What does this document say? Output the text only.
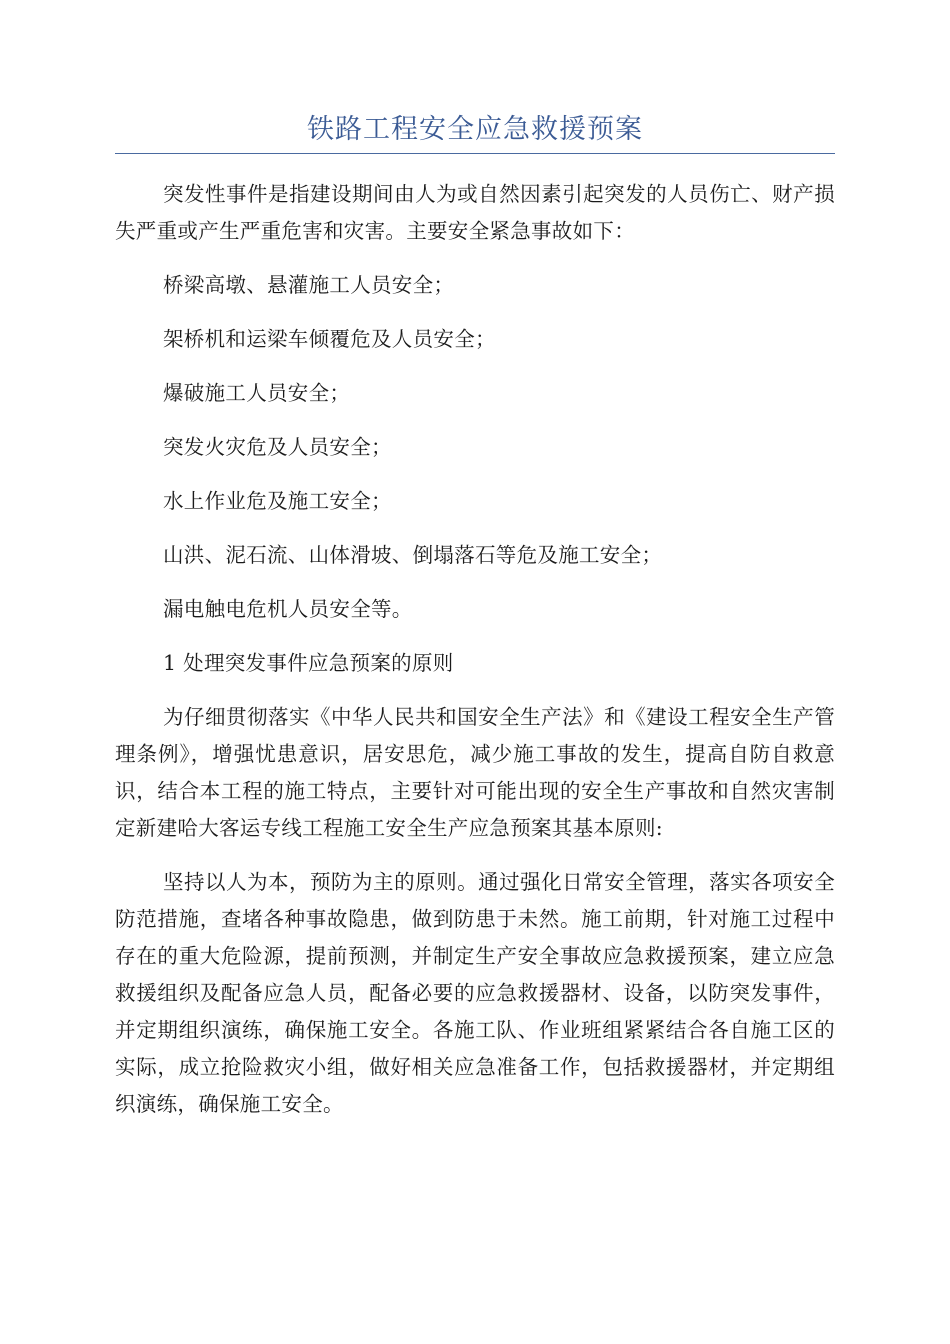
铁路工程安全应急救援预案

突发性事件是指建设期间由人为或自然因素引起突发的人员伤亡、财产损失严重或产生严重危害和灾害。主要安全紧急事故如下：

桥梁高墩、悬灌施工人员安全；

架桥机和运梁车倾覆危及人员安全；

爆破施工人员安全；

突发火灾危及人员安全；

水上作业危及施工安全；

山洪、泥石流、山体滑坡、倒塌落石等危及施工安全；

漏电触电危机人员安全等。

1 处理突发事件应急预案的原则

为仔细贯彻落实《中华人民共和国安全生产法》和《建设工程安全生产管理条例》，增强忧患意识，居安思危，减少施工事故的发生，提高自防自救意识，结合本工程的施工特点，主要针对可能出现的安全生产事故和自然灾害制定新建哈大客运专线工程施工安全生产应急预案其基本原则:

坚持以人为本，预防为主的原则。通过强化日常安全管理，落实各项安全防范措施，查堵各种事故隐患，做到防患于未然。施工前期，针对施工过程中存在的重大危险源，提前预测，并制定生产安全事故应急救援预案，建立应急救援组织及配备应急人员，配备必要的应急救援器材、设备，以防突发事件，并定期组织演练，确保施工安全。各施工队、作业班组紧紧结合各自施工区的实际，成立抢险救灾小组，做好相关应急准备工作，包括救援器材，并定期组织演练，确保施工安全。
